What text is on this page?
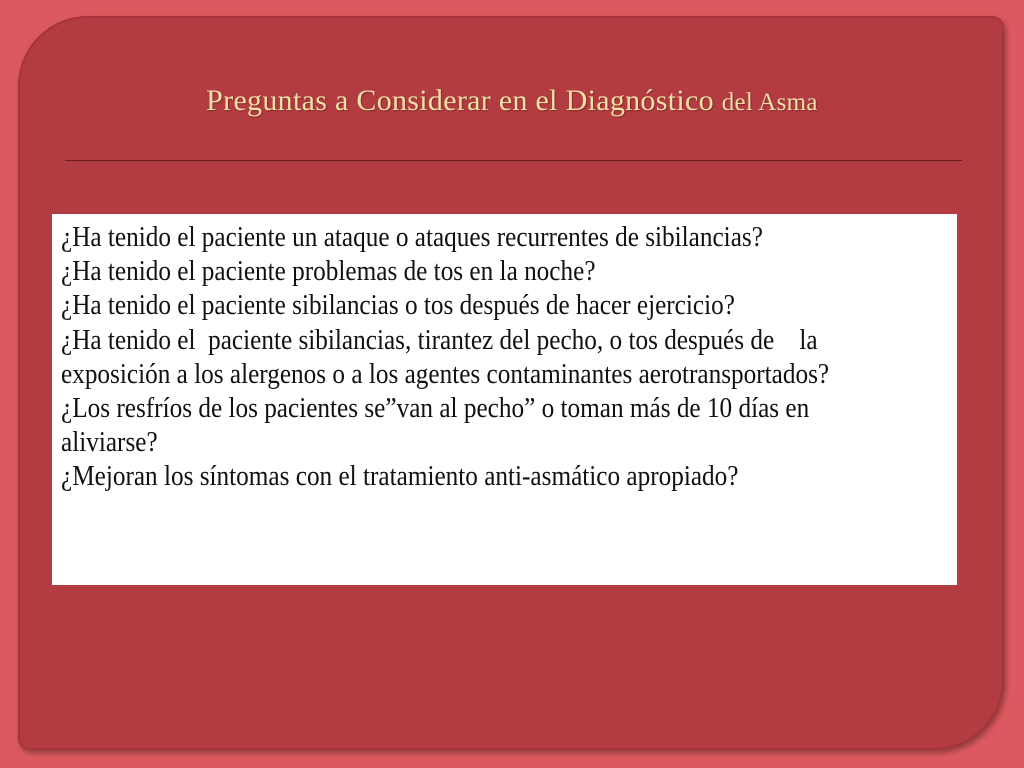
Preguntas a Considerar en el Diagnóstico del Asma
¿Ha tenido el paciente un ataque o ataques recurrentes de sibilancias?
¿Ha tenido el paciente problemas de tos en la noche?
¿Ha tenido el paciente sibilancias o tos después de hacer ejercicio?
¿Ha tenido el  paciente sibilancias, tirantez del pecho, o tos después de    la
exposición a los alergenos o a los agentes contaminantes aerotransportados?
¿Los resfríos de los pacientes se”van al pecho” o toman más de 10 días en
aliviarse?
¿Mejoran los síntomas con el tratamiento anti-asmático apropiado?
